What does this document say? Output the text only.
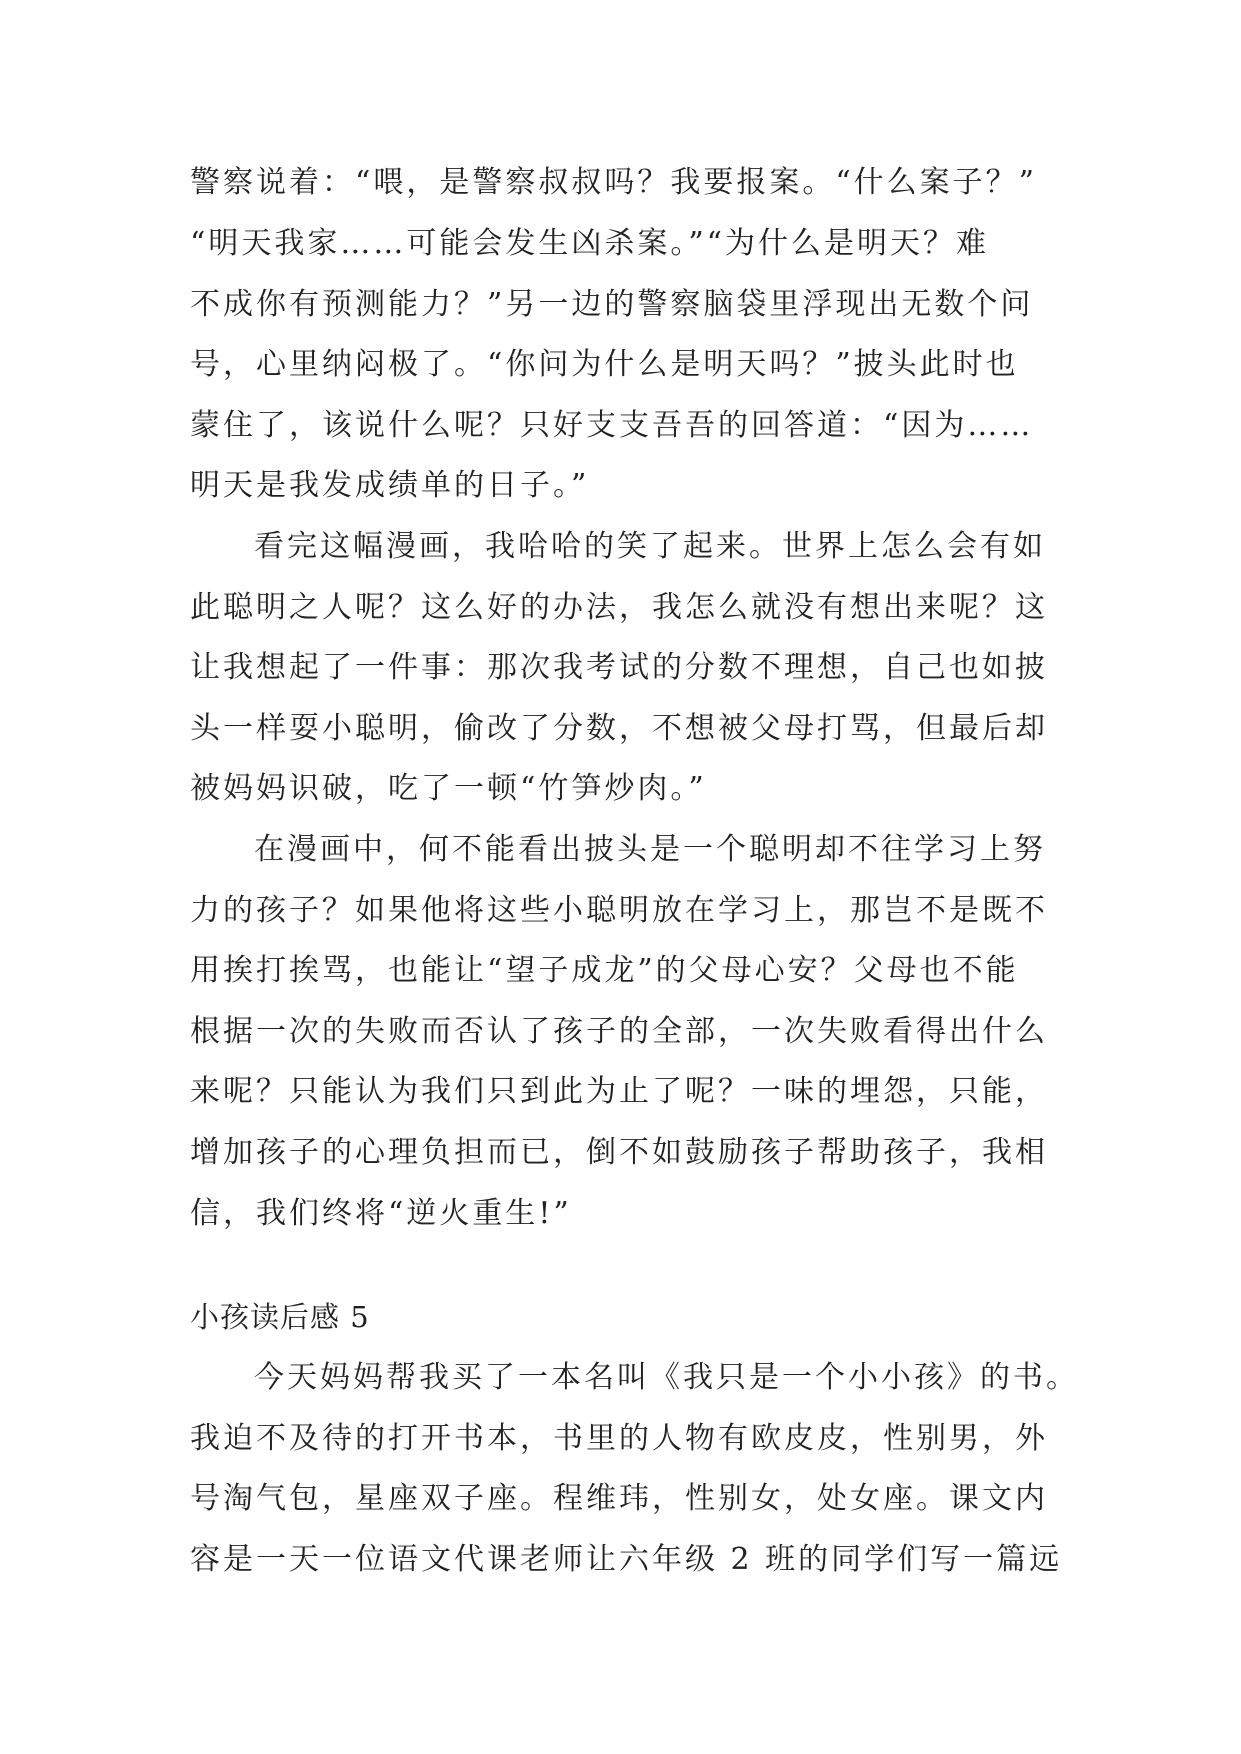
警察说着：“喂，是警察叔叔吗？我要报案。“什么案子？”
“明天我家……可能会发生凶杀案。”“为什么是明天？难
不成你有预测能力？”另一边的警察脑袋里浮现出无数个问
号，心里纳闷极了。“你问为什么是明天吗？”披头此时也
蒙住了，该说什么呢？只好支支吾吾的回答道：“因为……
明天是我发成绩单的日子。”
看完这幅漫画，我哈哈的笑了起来。世界上怎么会有如
此聪明之人呢？这么好的办法，我怎么就没有想出来呢？这
让我想起了一件事：那次我考试的分数不理想，自己也如披
头一样耍小聪明，偷改了分数，不想被父母打骂，但最后却
被妈妈识破，吃了一顿“竹笋炒肉。”
在漫画中，何不能看出披头是一个聪明却不往学习上努
力的孩子？如果他将这些小聪明放在学习上，那岂不是既不
用挨打挨骂，也能让“望子成龙”的父母心安？父母也不能
根据一次的失败而否认了孩子的全部，一次失败看得出什么
来呢？只能认为我们只到此为止了呢？一味的埋怨，只能，
增加孩子的心理负担而已，倒不如鼓励孩子帮助孩子，我相
信，我们终将“逆火重生!”
小孩读后感 5
今天妈妈帮我买了一本名叫《我只是一个小小孩》的书。
我迫不及待的打开书本，书里的人物有欧皮皮，性别男，外
号淘气包，星座双子座。程维玮，性别女，处女座。课文内
容是一天一位语文代课老师让六年级 2 班的同学们写一篇远
